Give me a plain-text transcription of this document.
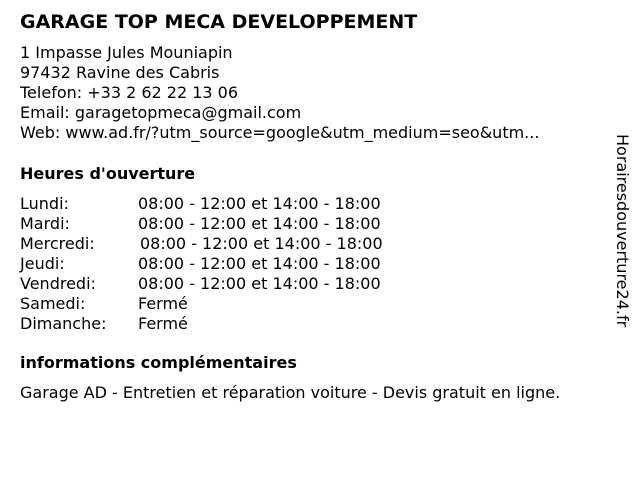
GARAGE TOP MECA DEVELOPPEMENT
1 Impasse Jules Mouniapin
97432 Ravine des Cabris
Telefon: +33 2 62 22 13 06
Email: garagetopmeca@gmail.com
Web: www.ad.fr/?utm_source=google&utm_medium=seo&utm...
Heures d'ouverture
Lundi:	08:00 - 12:00 et 14:00 - 18:00
Mardi:	08:00 - 12:00 et 14:00 - 18:00
Mercredi:	08:00 - 12:00 et 14:00 - 18:00
Jeudi:	08:00 - 12:00 et 14:00 - 18:00
Vendredi:	08:00 - 12:00 et 14:00 - 18:00
Samedi:	Fermé
Dimanche: Fermé
informations complémentaires
Garage AD - Entretien et réparation voiture - Devis gratuit en ligne.
Horairesdouverture24.fr
